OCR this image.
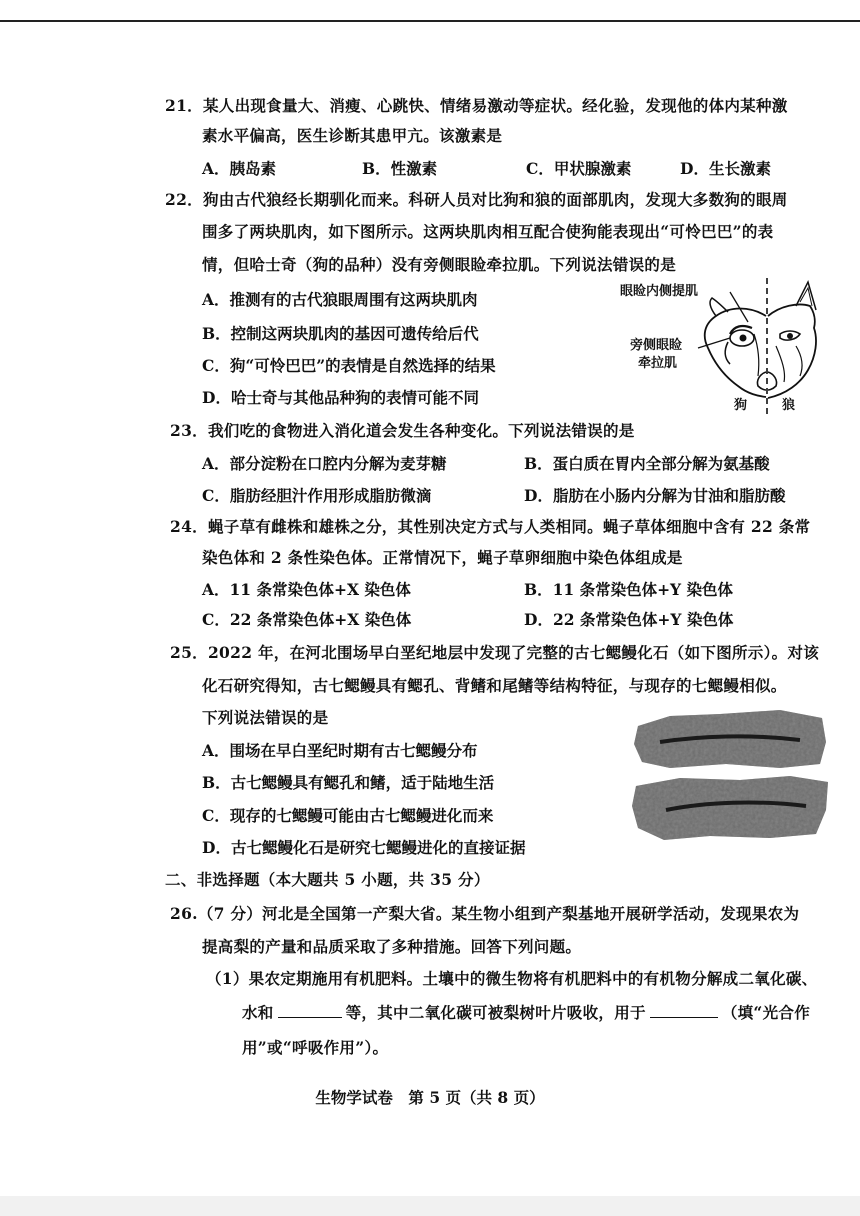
21．某人出现食量大、消瘦、心跳快、情绪易激动等症状。经化验，发现他的体内某种激
素水平偏高，医生诊断其患甲亢。该激素是
A．胰岛素	B．性激素	C．甲状腺激素	D．生长激素
22．狗由古代狼经长期驯化而来。科研人员对比狗和狼的面部肌肉，发现大多数狗的眼周
围多了两块肌肉，如下图所示。这两块肌肉相互配合使狗能表现出“可怜巴巴”的表
情，但哈士奇（狗的品种）没有旁侧眼睑牵拉肌。下列说法错误的是
A．推测有的古代狼眼周围有这两块肌肉
B．控制这两块肌肉的基因可遗传给后代
C．狗“可怜巴巴”的表情是自然选择的结果
D．哈士奇与其他品种狗的表情可能不同
眼睑内侧提肌
旁侧眼睑
牵拉肌
狗	狼
23．我们吃的食物进入消化道会发生各种变化。下列说法错误的是
A．部分淀粉在口腔内分解为麦芽糖	B．蛋白质在胃内全部分解为氨基酸
C．脂肪经胆汁作用形成脂肪微滴	D．脂肪在小肠内分解为甘油和脂肪酸
24．蝇子草有雌株和雄株之分，其性别决定方式与人类相同。蝇子草体细胞中含有 22 条常
染色体和 2 条性染色体。正常情况下，蝇子草卵细胞中染色体组成是
A．11 条常染色体+X 染色体	B．11 条常染色体+Y 染色体
C．22 条常染色体+X 染色体	D．22 条常染色体+Y 染色体
25．2022 年，在河北围场早白垩纪地层中发现了完整的古七鳃鳗化石（如下图所示）。对该
化石研究得知，古七鳃鳗具有鳃孔、背鳍和尾鳍等结构特征，与现存的七鳃鳗相似。
下列说法错误的是
A．围场在早白垩纪时期有古七鳃鳗分布
B．古七鳃鳗具有鳃孔和鳍，适于陆地生活
C．现存的七鳃鳗可能由古七鳃鳗进化而来
D．古七鳃鳗化石是研究七鳃鳗进化的直接证据
二、非选择题（本大题共 5 小题，共 35 分）
26.（7 分）河北是全国第一产梨大省。某生物小组到产梨基地开展研学活动，发现果农为
提高梨的产量和品质采取了多种措施。回答下列问题。
（1）果农定期施用有机肥料。土壤中的微生物将有机肥料中的有机物分解成二氧化碳、
水和	等，其中二氧化碳可被梨树叶片吸收，用于	（填“光合作
用”或“呼吸作用”）。
生物学试卷　第 5 页（共 8 页）
